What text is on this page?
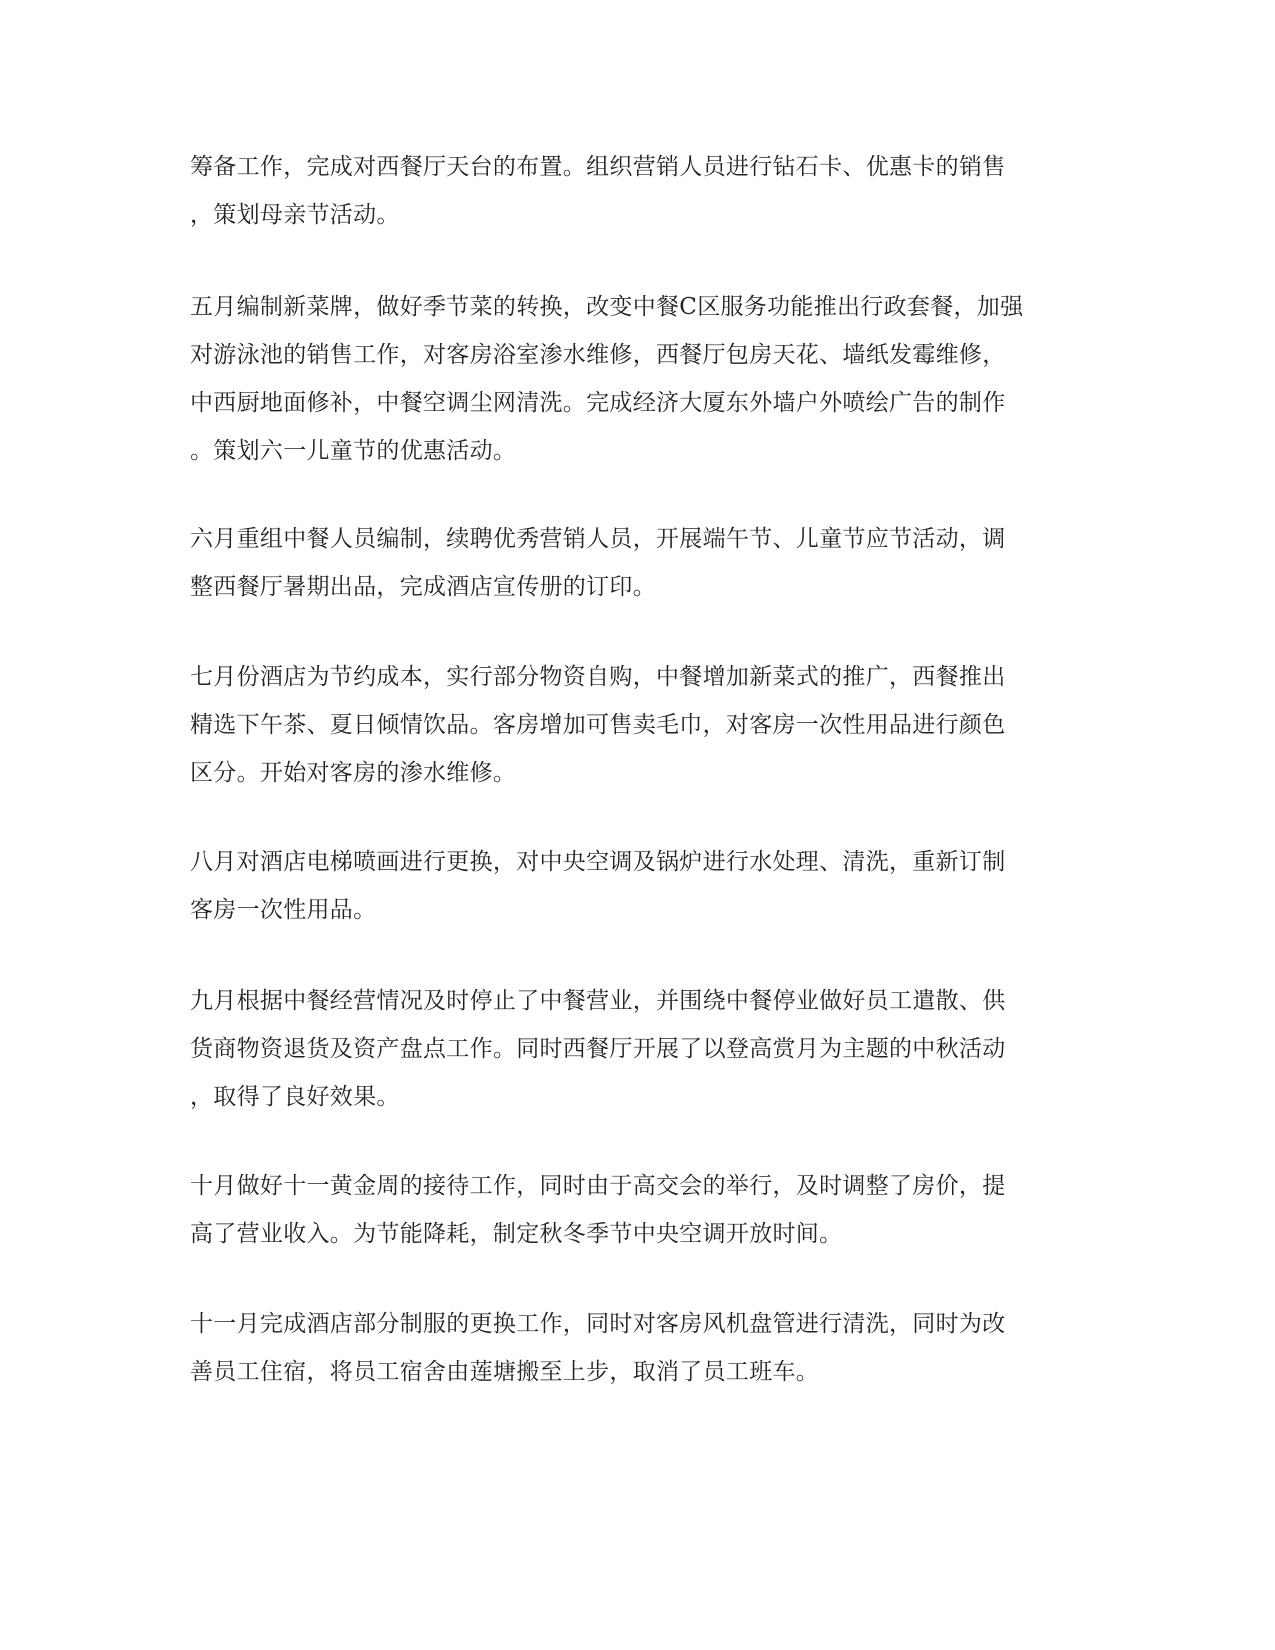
筹备工作，完成对西餐厅天台的布置。组织营销人员进行钻石卡、优惠卡的销售
，策划母亲节活动。

五月编制新菜牌，做好季节菜的转换，改变中餐C区服务功能推出行政套餐，加强
对游泳池的销售工作，对客房浴室渗水维修，西餐厅包房天花、墙纸发霉维修，
中西厨地面修补，中餐空调尘网清洗。完成经济大厦东外墙户外喷绘广告的制作
。策划六一儿童节的优惠活动。

六月重组中餐人员编制，续聘优秀营销人员，开展端午节、儿童节应节活动，调
整西餐厅暑期出品，完成酒店宣传册的订印。

七月份酒店为节约成本，实行部分物资自购，中餐增加新菜式的推广，西餐推出
精选下午茶、夏日倾情饮品。客房增加可售卖毛巾，对客房一次性用品进行颜色
区分。开始对客房的渗水维修。

八月对酒店电梯喷画进行更换，对中央空调及锅炉进行水处理、清洗，重新订制
客房一次性用品。

九月根据中餐经营情况及时停止了中餐营业，并围绕中餐停业做好员工遣散、供
货商物资退货及资产盘点工作。同时西餐厅开展了以登高赏月为主题的中秋活动
，取得了良好效果。

十月做好十一黄金周的接待工作，同时由于高交会的举行，及时调整了房价，提
高了营业收入。为节能降耗，制定秋冬季节中央空调开放时间。

十一月完成酒店部分制服的更换工作，同时对客房风机盘管进行清洗，同时为改
善员工住宿，将员工宿舍由莲塘搬至上步，取消了员工班车。
